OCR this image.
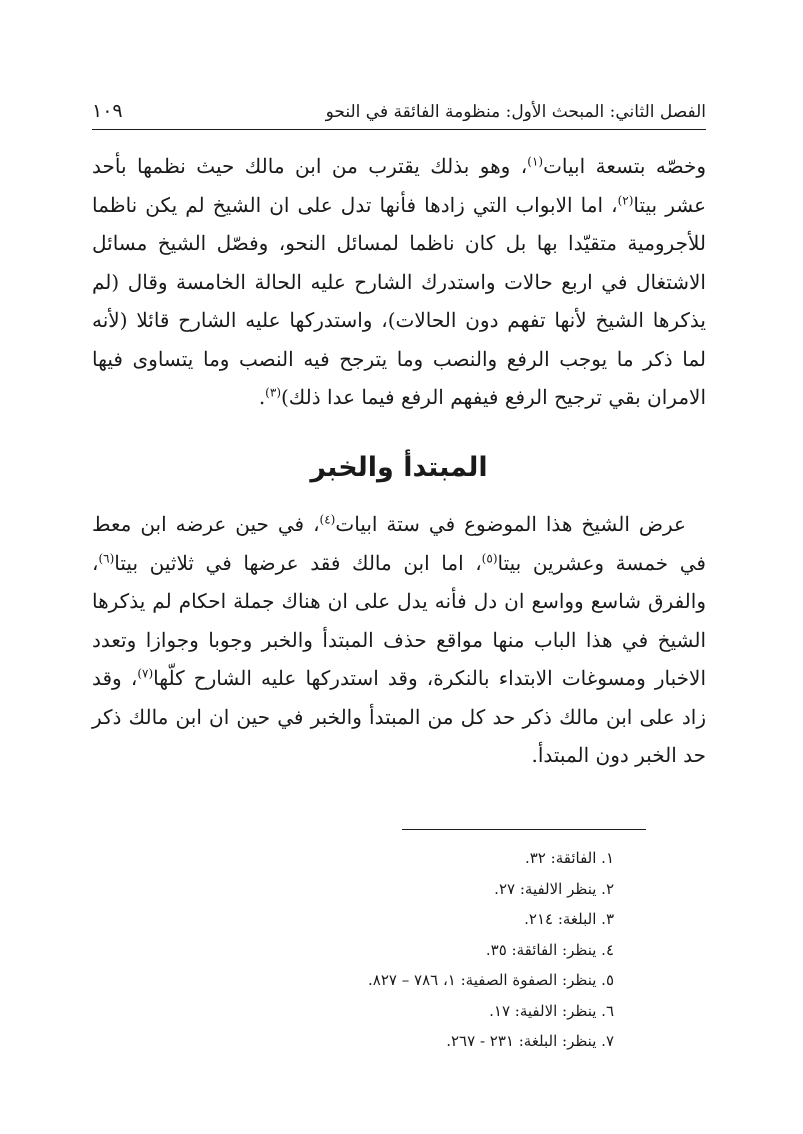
الفصل الثاني: المبحث الأول: منظومة الفائقة في النحو
١٠٩

وخصّه بتسعة ابيات$^{(١)}$، وهو بذلك يقترب من ابن مالك حيث نظمها بأحد عشر بيتا$^{(٢)}$، اما الابواب التي زادها فأنها تدل على ان الشيخ لم يكن ناظما للأجرومية متقيّدا بها بل كان ناظما لمسائل النحو، وفصّل الشيخ مسائل الاشتغال في اربع حالات واستدرك الشارح عليه الحالة الخامسة وقال (لم يذكرها الشيخ لأنها تفهم دون الحالات)، واستدركها عليه الشارح قائلا (لأنه لما ذكر ما يوجب الرفع والنصب وما يترجح فيه النصب وما يتساوى فيها الامران بقي ترجيح الرفع فيفهم الرفع فيما عدا ذلك)$^{(٣)}$.

المبتدأ والخبر

عرض الشيخ هذا الموضوع في ستة ابيات$^{(٤)}$، في حين عرضه ابن معط في خمسة وعشرين بيتا$^{(٥)}$، اما ابن مالك فقد عرضها في ثلاثين بيتا$^{(٦)}$، والفرق شاسع وواسع ان دل فأنه يدل على ان هناك جملة احكام لم يذكرها الشيخ في هذا الباب منها مواقع حذف المبتدأ والخبر وجوبا وجوازا وتعدد الاخبار ومسوغات الابتداء بالنكرة، وقد استدركها عليه الشارح كلّها$^{(٧)}$، وقد زاد على ابن مالك ذكر حد كل من المبتدأ والخبر في حين ان ابن مالك ذكر حد الخبر دون المبتدأ.

١. الفائقة: ٣٢.
٢. ينظر الالفية: ٢٧.
٣. البلغة: ٢١٤.
٤. ينظر: الفائقة: ٣٥.
٥. ينظر: الصفوة الصفية: ١، ٧٨٦ – ٨٢٧.
٦. ينظر: الالفية: ١٧.
٧. ينظر: البلغة: ٢٣١ - ٢٦٧.
